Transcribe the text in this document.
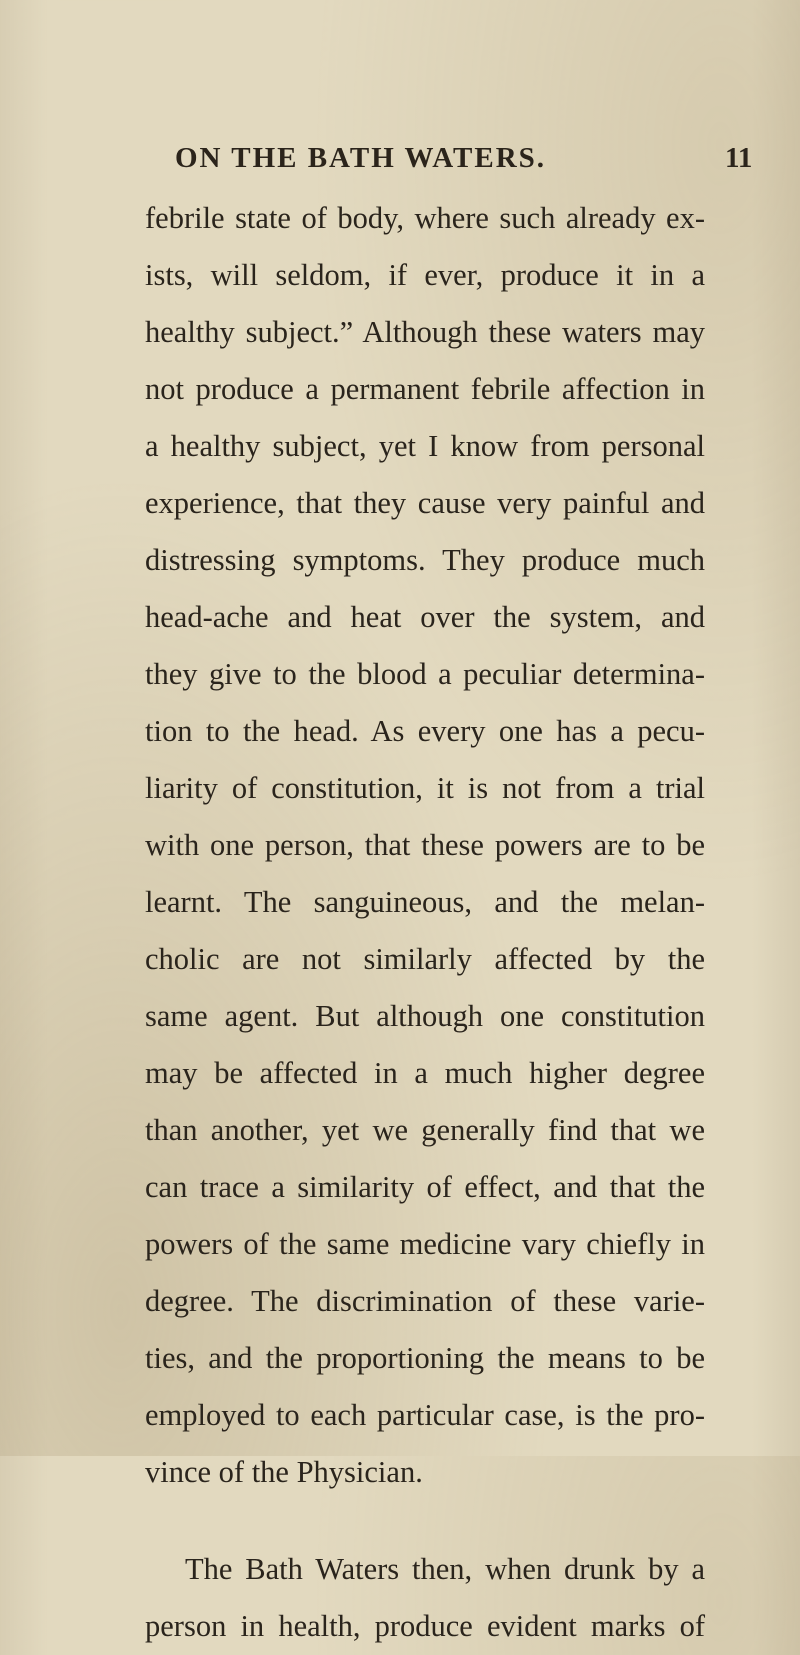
ON THE BATH WATERS.	11
febrile state of body, where such already ex-
ists, will seldom, if ever, produce it in a
healthy subject.” Although these waters may
not produce a permanent febrile affection in
a healthy subject, yet I know from personal
experience, that they cause very painful and
distressing symptoms. They produce much
head-ache and heat over the system, and
they give to the blood a peculiar determina-
tion to the head. As every one has a pecu-
liarity of constitution, it is not from a trial
with one person, that these powers are to be
learnt. The sanguineous, and the melan-
cholic are not similarly affected by the
same agent. But although one constitution
may be affected in a much higher degree
than another, yet we generally find that we
can trace a similarity of effect, and that the
powers of the same medicine vary chiefly in
degree. The discrimination of these varie-
ties, and the proportioning the means to be
employed to each particular case, is the pro-
vince of the Physician.
The Bath Waters then, when drunk by a
person in health, produce evident marks of
